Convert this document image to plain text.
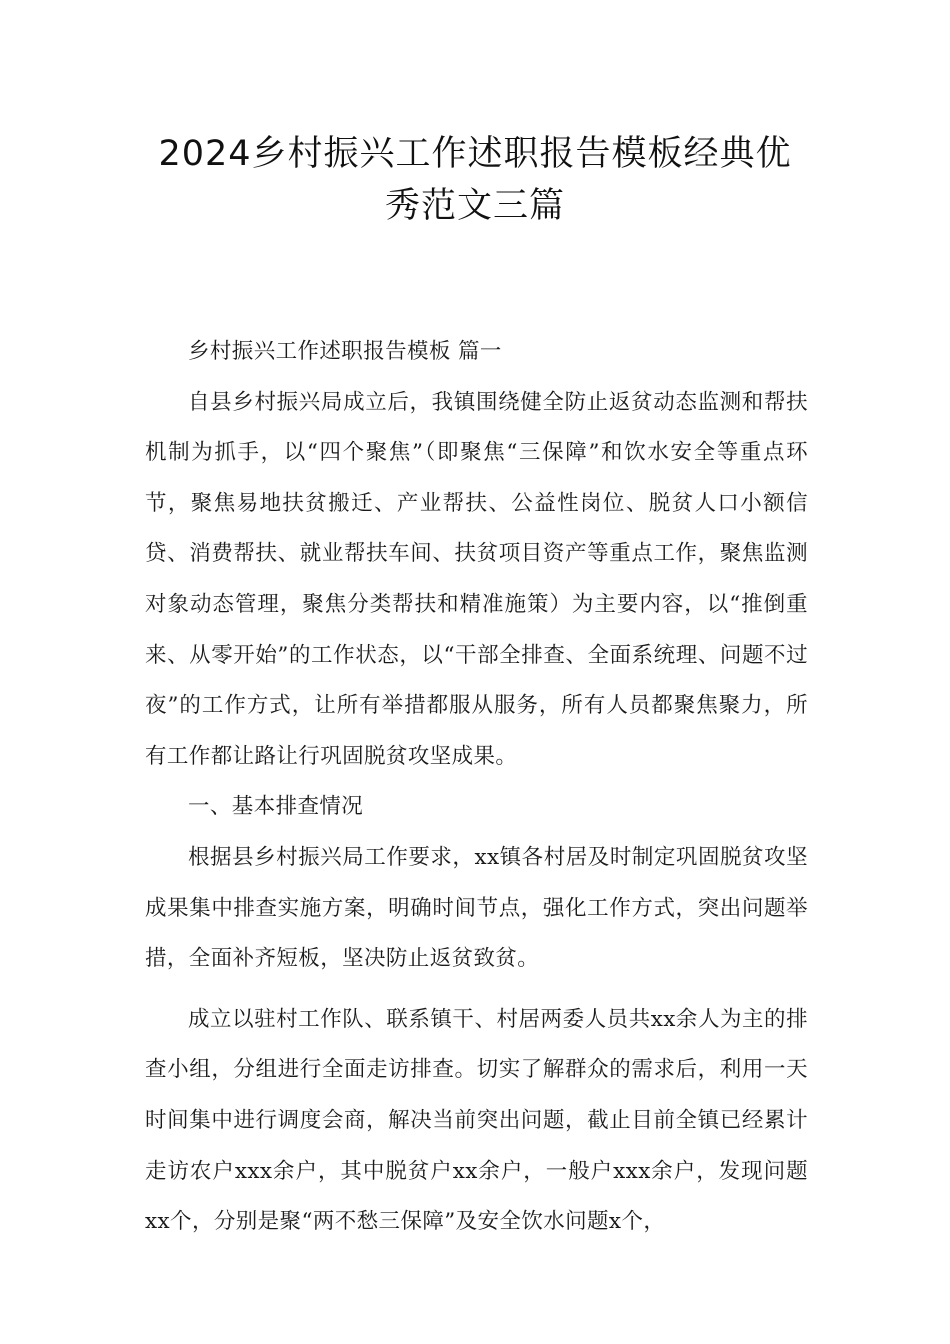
2024乡村振兴工作述职报告模板经典优
秀范文三篇

乡村振兴工作述职报告模板 篇一

自县乡村振兴局成立后，我镇围绕健全防止返贫动态监测和帮扶机制为抓手，以“四个聚焦”（即聚焦“三保障”和饮水安全等重点环节，聚焦易地扶贫搬迁、产业帮扶、公益性岗位、脱贫人口小额信贷、消费帮扶、就业帮扶车间、扶贫项目资产等重点工作，聚焦监测对象动态管理，聚焦分类帮扶和精准施策）为主要内容，以“推倒重来、从零开始”的工作状态，以“干部全排查、全面系统理、问题不过夜”的工作方式，让所有举措都服从服务，所有人员都聚焦聚力，所有工作都让路让行巩固脱贫攻坚成果。

一、基本排查情况

根据县乡村振兴局工作要求，xx镇各村居及时制定巩固脱贫攻坚成果集中排查实施方案，明确时间节点，强化工作方式，突出问题举措，全面补齐短板，坚决防止返贫致贫。

成立以驻村工作队、联系镇干、村居两委人员共xx余人为主的排查小组，分组进行全面走访排查。切实了解群众的需求后，利用一天时间集中进行调度会商，解决当前突出问题，截止目前全镇已经累计走访农户xxx余户，其中脱贫户xx余户，一般户xxx余户，发现问题xx个，分别是聚“两不愁三保障”及安全饮水问题x个，
